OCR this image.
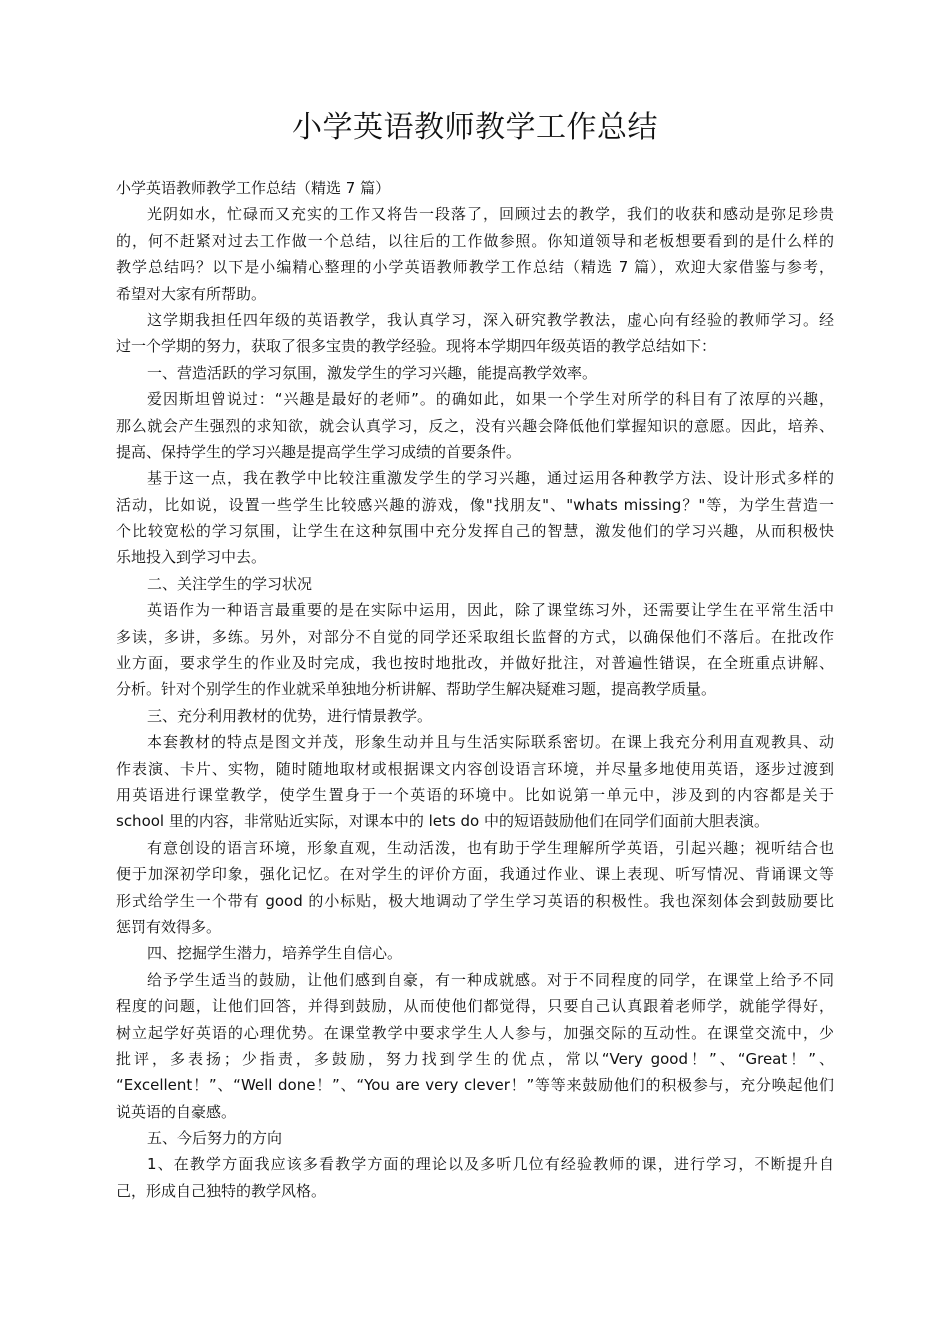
小学英语教师教学工作总结
小学英语教师教学工作总结（精选 7 篇）
光阴如水，忙碌而又充实的工作又将告一段落了，回顾过去的教学，我们的收获和感动是弥足珍贵
的，何不赶紧对过去工作做一个总结，以往后的工作做参照。你知道领导和老板想要看到的是什么样的
教学总结吗？以下是小编精心整理的小学英语教师教学工作总结（精选 7 篇），欢迎大家借鉴与参考，
希望对大家有所帮助。
这学期我担任四年级的英语教学，我认真学习，深入研究教学教法，虚心向有经验的教师学习。经
过一个学期的努力，获取了很多宝贵的教学经验。现将本学期四年级英语的教学总结如下：
一、营造活跃的学习氛围，激发学生的学习兴趣，能提高教学效率。
爱因斯坦曾说过：“兴趣是最好的老师”。的确如此，如果一个学生对所学的科目有了浓厚的兴趣，
那么就会产生强烈的求知欲，就会认真学习，反之，没有兴趣会降低他们掌握知识的意愿。因此，培养、
提高、保持学生的学习兴趣是提高学生学习成绩的首要条件。
基于这一点，我在教学中比较注重激发学生的学习兴趣，通过运用各种教学方法、设计形式多样的
活动，比如说，设置一些学生比较感兴趣的游戏，像"找朋友"、"whats missing？"等，为学生营造一
个比较宽松的学习氛围，让学生在这种氛围中充分发挥自己的智慧，激发他们的学习兴趣，从而积极快
乐地投入到学习中去。
二、关注学生的学习状况
英语作为一种语言最重要的是在实际中运用，因此，除了课堂练习外，还需要让学生在平常生活中
多读，多讲，多练。另外，对部分不自觉的同学还采取组长监督的方式，以确保他们不落后。在批改作
业方面，要求学生的作业及时完成，我也按时地批改，并做好批注，对普遍性错误，在全班重点讲解、
分析。针对个别学生的作业就采单独地分析讲解、帮助学生解决疑难习题，提高教学质量。
三、充分利用教材的优势，进行情景教学。
本套教材的特点是图文并茂，形象生动并且与生活实际联系密切。在课上我充分利用直观教具、动
作表演、卡片、实物，随时随地取材或根据课文内容创设语言环境，并尽量多地使用英语，逐步过渡到
用英语进行课堂教学，使学生置身于一个英语的环境中。比如说第一单元中，涉及到的内容都是关于
school 里的内容，非常贴近实际，对课本中的 lets do 中的短语鼓励他们在同学们面前大胆表演。
有意创设的语言环境，形象直观，生动活泼，也有助于学生理解所学英语，引起兴趣；视听结合也
便于加深初学印象，强化记忆。在对学生的评价方面，我通过作业、课上表现、听写情况、背诵课文等
形式给学生一个带有 good 的小标贴，极大地调动了学生学习英语的积极性。我也深刻体会到鼓励要比
惩罚有效得多。
四、挖掘学生潜力，培养学生自信心。
给予学生适当的鼓励，让他们感到自豪，有一种成就感。对于不同程度的同学，在课堂上给予不同
程度的问题，让他们回答，并得到鼓励，从而使他们都觉得，只要自己认真跟着老师学，就能学得好，
树立起学好英语的心理优势。在课堂教学中要求学生人人参与，加强交际的互动性。在课堂交流中，少
批评，多表扬；少指责，多鼓励，努力找到学生的优点，常以“Very good！”、“Great！”、
“Excellent！”、“Well done！”、“You are very clever！”等等来鼓励他们的积极参与，充分唤起他们
说英语的自豪感。
五、今后努力的方向
1、在教学方面我应该多看教学方面的理论以及多听几位有经验教师的课，进行学习，不断提升自
己，形成自己独特的教学风格。
